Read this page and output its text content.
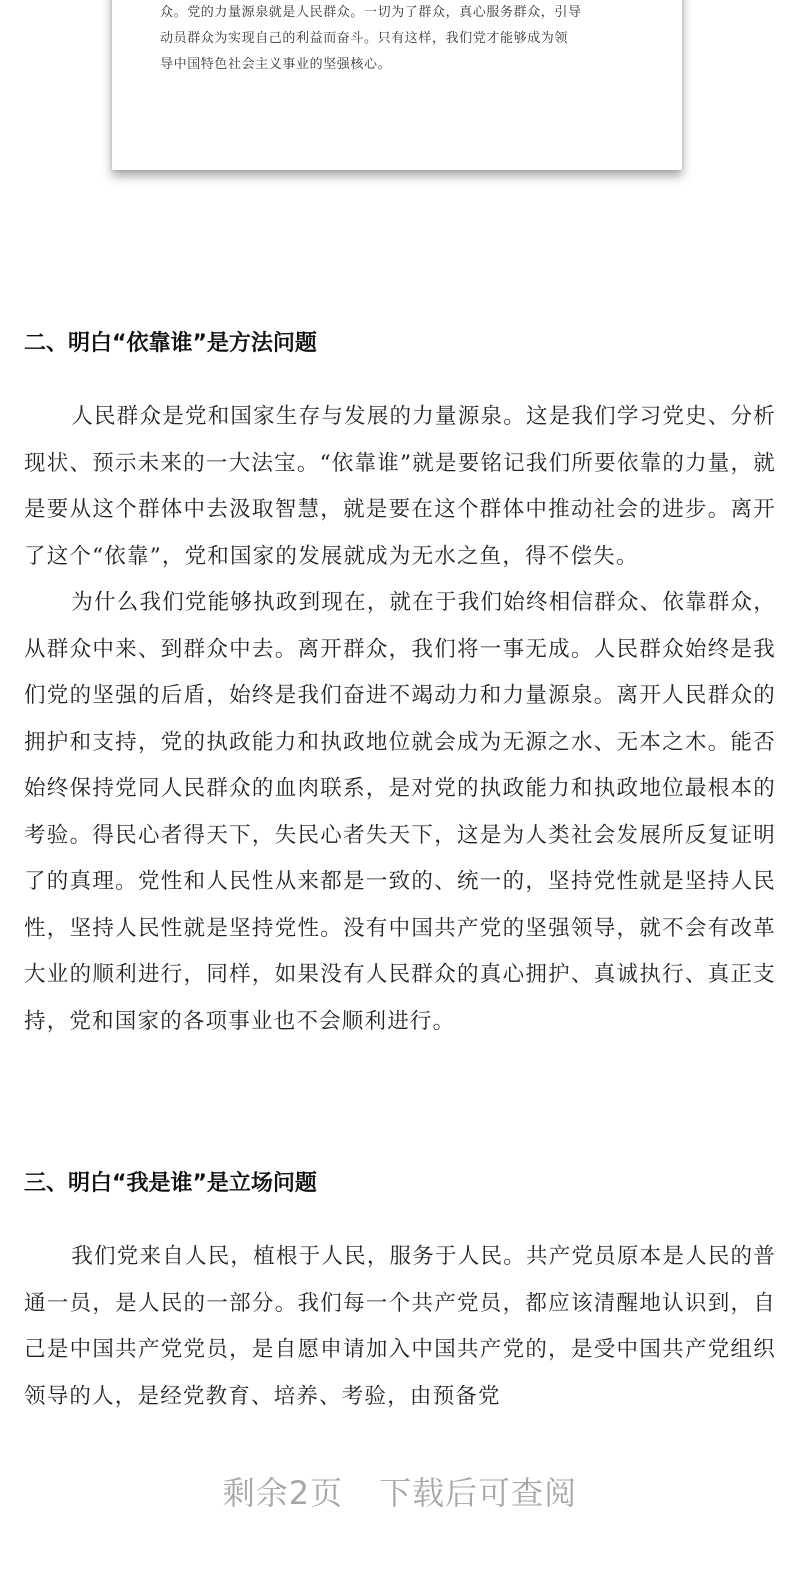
众。党的力量源泉就是人民群众。一切为了群众，真心服务群众，引导

动员群众为实现自己的利益而奋斗。只有这样，我们党才能够成为领

导中国特色社会主义事业的坚强核心。

二、明白“依靠谁”是方法问题

人民群众是党和国家生存与发展的力量源泉。这是我们学习党史、分析现状、预示未来的一大法宝。“依靠谁”就是要铭记我们所要依靠的力量，就是要从这个群体中去汲取智慧，就是要在这个群体中推动社会的进步。离开了这个“依靠”，党和国家的发展就成为无水之鱼，得不偿失。

为什么我们党能够执政到现在，就在于我们始终相信群众、依靠群众，从群众中来、到群众中去。离开群众，我们将一事无成。人民群众始终是我们党的坚强的后盾，始终是我们奋进不竭动力和力量源泉。离开人民群众的拥护和支持，党的执政能力和执政地位就会成为无源之水、无本之木。能否始终保持党同人民群众的血肉联系，是对党的执政能力和执政地位最根本的考验。得民心者得天下，失民心者失天下，这是为人类社会发展所反复证明了的真理。党性和人民性从来都是一致的、统一的，坚持党性就是坚持人民性，坚持人民性就是坚持党性。没有中国共产党的坚强领导，就不会有改革大业的顺利进行，同样，如果没有人民群众的真心拥护、真诚执行、真正支持，党和国家的各项事业也不会顺利进行。

三、明白“我是谁”是立场问题

我们党来自人民，植根于人民，服务于人民。共产党员原本是人民的普通一员，是人民的一部分。我们每一个共产党员，都应该清醒地认识到，自己是中国共产党党员，是自愿申请加入中国共产党的，是受中国共产党组织领导的人，是经党教育、培养、考验，由预备党

剩余2页 下载后可查阅
